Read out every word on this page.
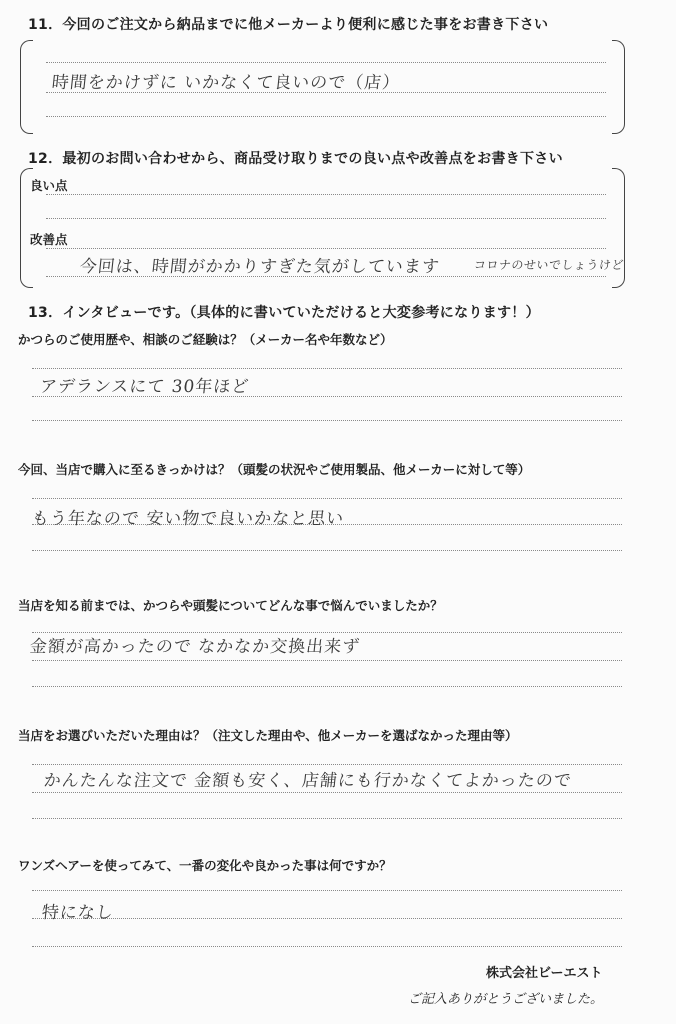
11．今回のご注文から納品までに他メーカーより便利に感じた事をお書き下さい
時間をかけずに いかなくて良いので（店）
12．最初のお問い合わせから、商品受け取りまでの良い点や改善点をお書き下さい
良い点
改善点
今回は、時間がかかりすぎた気がしています	コロナのせいでしょうけど
13．インタビューです。（具体的に書いていただけると大変参考になります！）
かつらのご使用歴や、相談のご経験は？（メーカー名や年数など）
アデランスにて 30年ほど
今回、当店で購入に至るきっかけは？（頭髪の状況やご使用製品、他メーカーに対して等）
もう年なので 安い物で良いかなと思い
当店を知る前までは、かつらや頭髪についてどんな事で悩んでいましたか？
金額が高かったので なかなか交換出来ず
当店をお選びいただいた理由は？（注文した理由や、他メーカーを選ばなかった理由等）
かんたんな注文で 金額も安く、店舗にも行かなくてよかったので
ワンズヘアーを使ってみて、一番の変化や良かった事は何ですか？
特になし
株式会社ビーエスト
ご記入ありがとうございました。
